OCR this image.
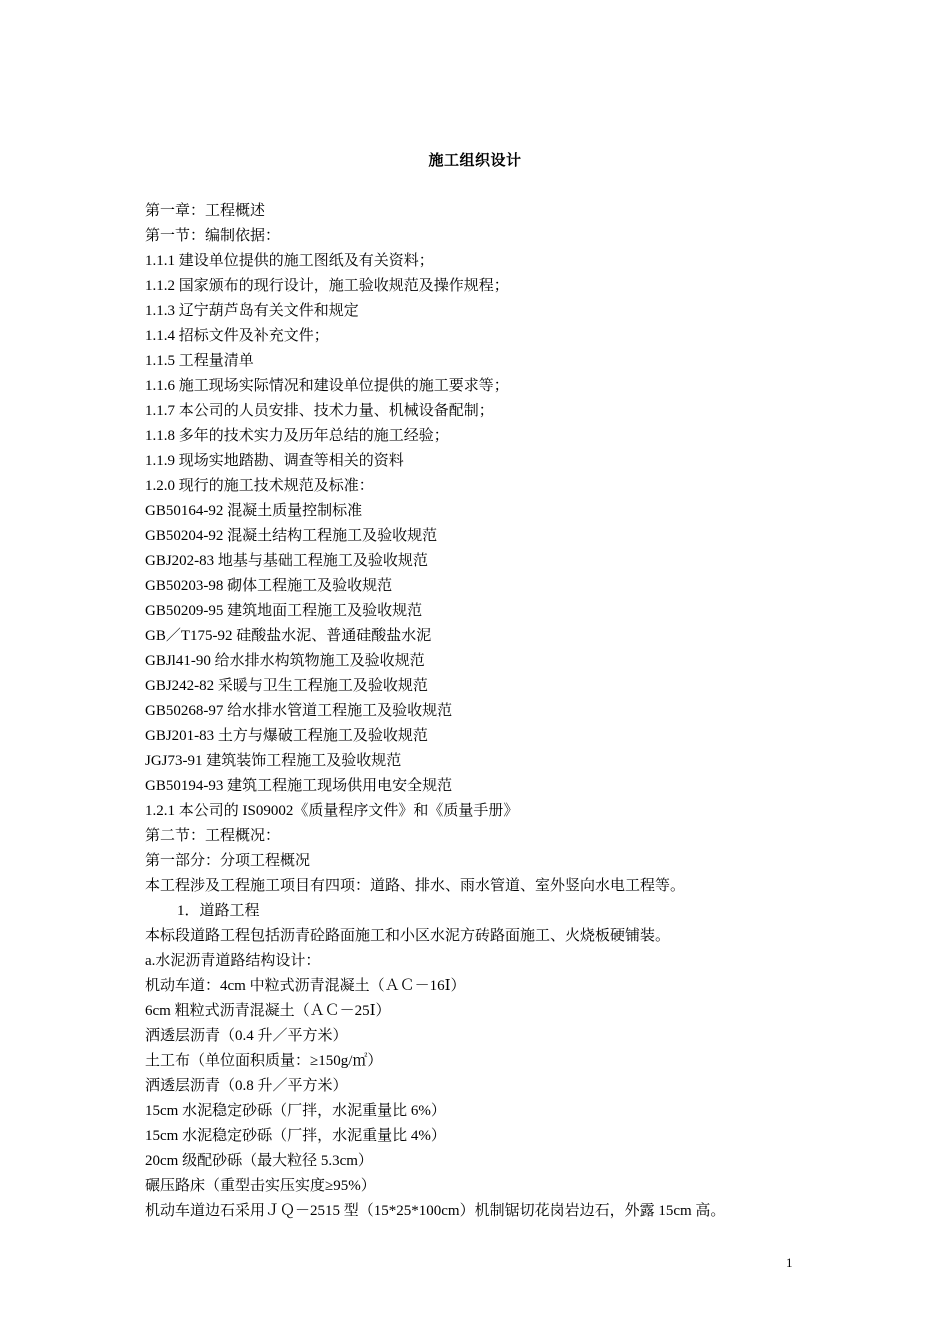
施工组织设计
第一章：工程概述
第一节：编制依据：
1.1.1 建设单位提供的施工图纸及有关资料；
1.1.2 国家颁布的现行设计，施工验收规范及操作规程；
1.1.3 辽宁葫芦岛有关文件和规定
1.1.4 招标文件及补充文件；
1.1.5 工程量清单
1.1.6 施工现场实际情况和建设单位提供的施工要求等；
1.1.7 本公司的人员安排、技术力量、机械设备配制；
1.1.8 多年的技术实力及历年总结的施工经验；
1.1.9 现场实地踏勘、调查等相关的资料
1.2.0 现行的施工技术规范及标准：
GB50164-92 混凝土质量控制标准
GB50204-92 混凝土结构工程施工及验收规范
GBJ202-83 地基与基础工程施工及验收规范
GB50203-98 砌体工程施工及验收规范
GB50209-95 建筑地面工程施工及验收规范
GB／T175-92 硅酸盐水泥、普通硅酸盐水泥
GBJl41-90 给水排水构筑物施工及验收规范
GBJ242-82 采暖与卫生工程施工及验收规范
GB50268-97 给水排水管道工程施工及验收规范
GBJ201-83 土方与爆破工程施工及验收规范
JGJ73-91 建筑装饰工程施工及验收规范
GB50194-93 建筑工程施工现场供用电安全规范
1.2.1 本公司的 IS09002《质量程序文件》和《质量手册》
第二节：工程概况：
第一部分：分项工程概况
本工程涉及工程施工项目有四项：道路、排水、雨水管道、室外竖向水电工程等。
1．道路工程
本标段道路工程包括沥青砼路面施工和小区水泥方砖路面施工、火烧板硬铺装。
a.水泥沥青道路结构设计：
机动车道：4cm 中粒式沥青混凝土（ＡＣ－16Ⅰ）
6cm 粗粒式沥青混凝土（ＡＣ－25Ⅰ）
洒透层沥青（0.4 升／平方米）
土工布（单位面积质量：≥150g/㎡）
洒透层沥青（0.8 升／平方米）
15cm 水泥稳定砂砾（厂拌，水泥重量比 6%）
15cm 水泥稳定砂砾（厂拌，水泥重量比 4%）
20cm 级配砂砾（最大粒径 5.3cm）
碾压路床（重型击实压实度≥95%）
机动车道边石采用ＪＱ－2515 型（15*25*100cm）机制锯切花岗岩边石，外露 15cm 高。
1
